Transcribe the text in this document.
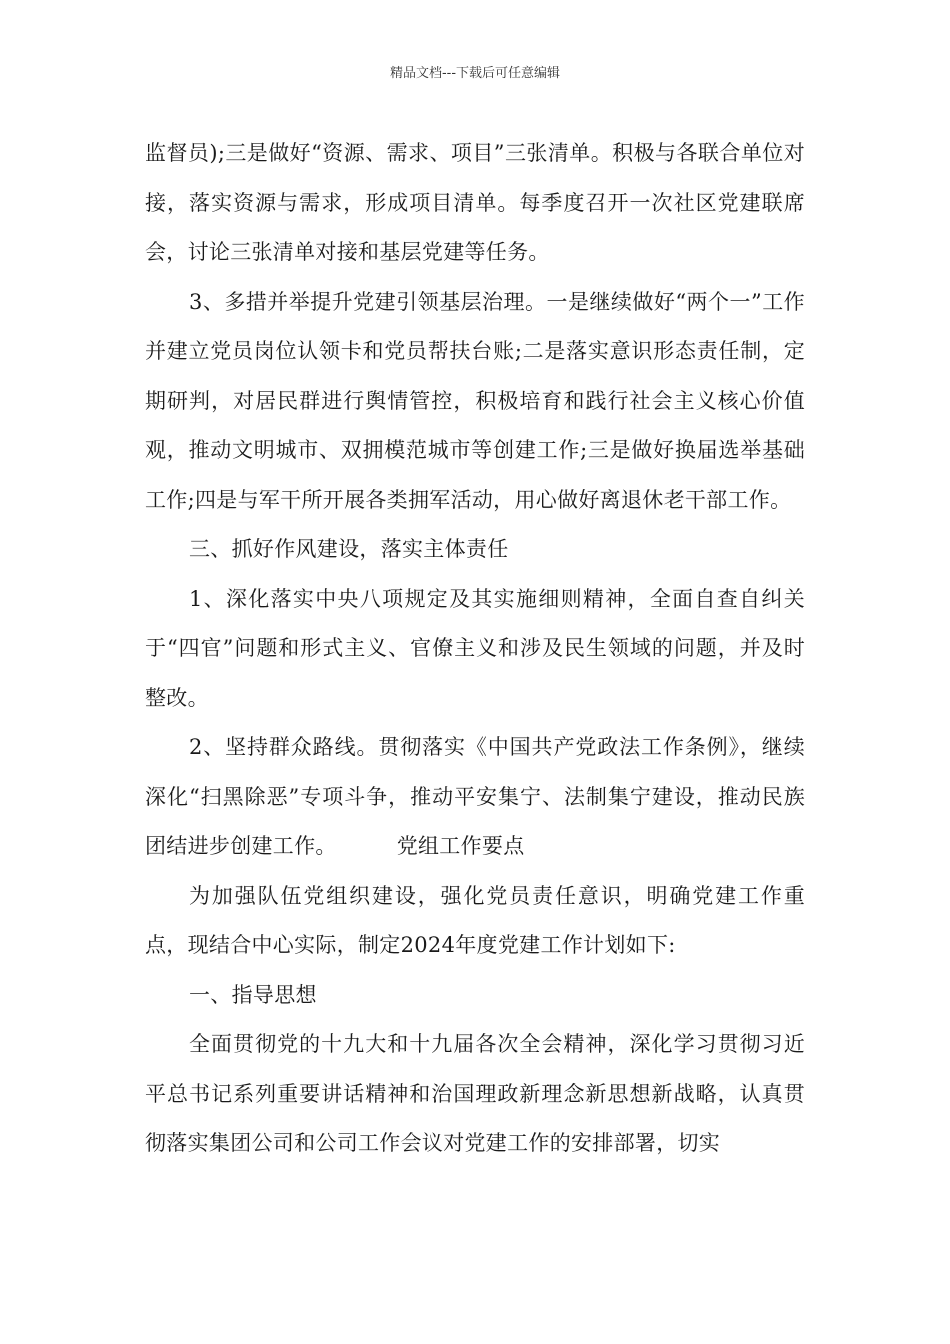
精品文档---下载后可任意编辑

监督员);三是做好“资源、需求、项目”三张清单。积极与各联合单位对接，落实资源与需求，形成项目清单。每季度召开一次社区党建联席会，讨论三张清单对接和基层党建等任务。

3、多措并举提升党建引领基层治理。一是继续做好“两个一”工作并建立党员岗位认领卡和党员帮扶台账;二是落实意识形态责任制，定期研判，对居民群进行舆情管控，积极培育和践行社会主义核心价值观，推动文明城市、双拥模范城市等创建工作;三是做好换届选举基础工作;四是与军干所开展各类拥军活动，用心做好离退休老干部工作。

三、抓好作风建设，落实主体责任

1、深化落实中央八项规定及其实施细则精神，全面自查自纠关于“四官”问题和形式主义、官僚主义和涉及民生领域的问题，并及时整改。

2、坚持群众路线。贯彻落实《中国共产党政法工作条例》，继续深化“扫黑除恶”专项斗争，推动平安集宁、法制集宁建设，推动民族团结进步创建工作。	党组工作要点

为加强队伍党组织建设，强化党员责任意识，明确党建工作重点，现结合中心实际，制定2024年度党建工作计划如下:

一、指导思想

全面贯彻党的十九大和十九届各次全会精神，深化学习贯彻习近平总书记系列重要讲话精神和治国理政新理念新思想新战略，认真贯彻落实集团公司和公司工作会议对党建工作的安排部署，切实
